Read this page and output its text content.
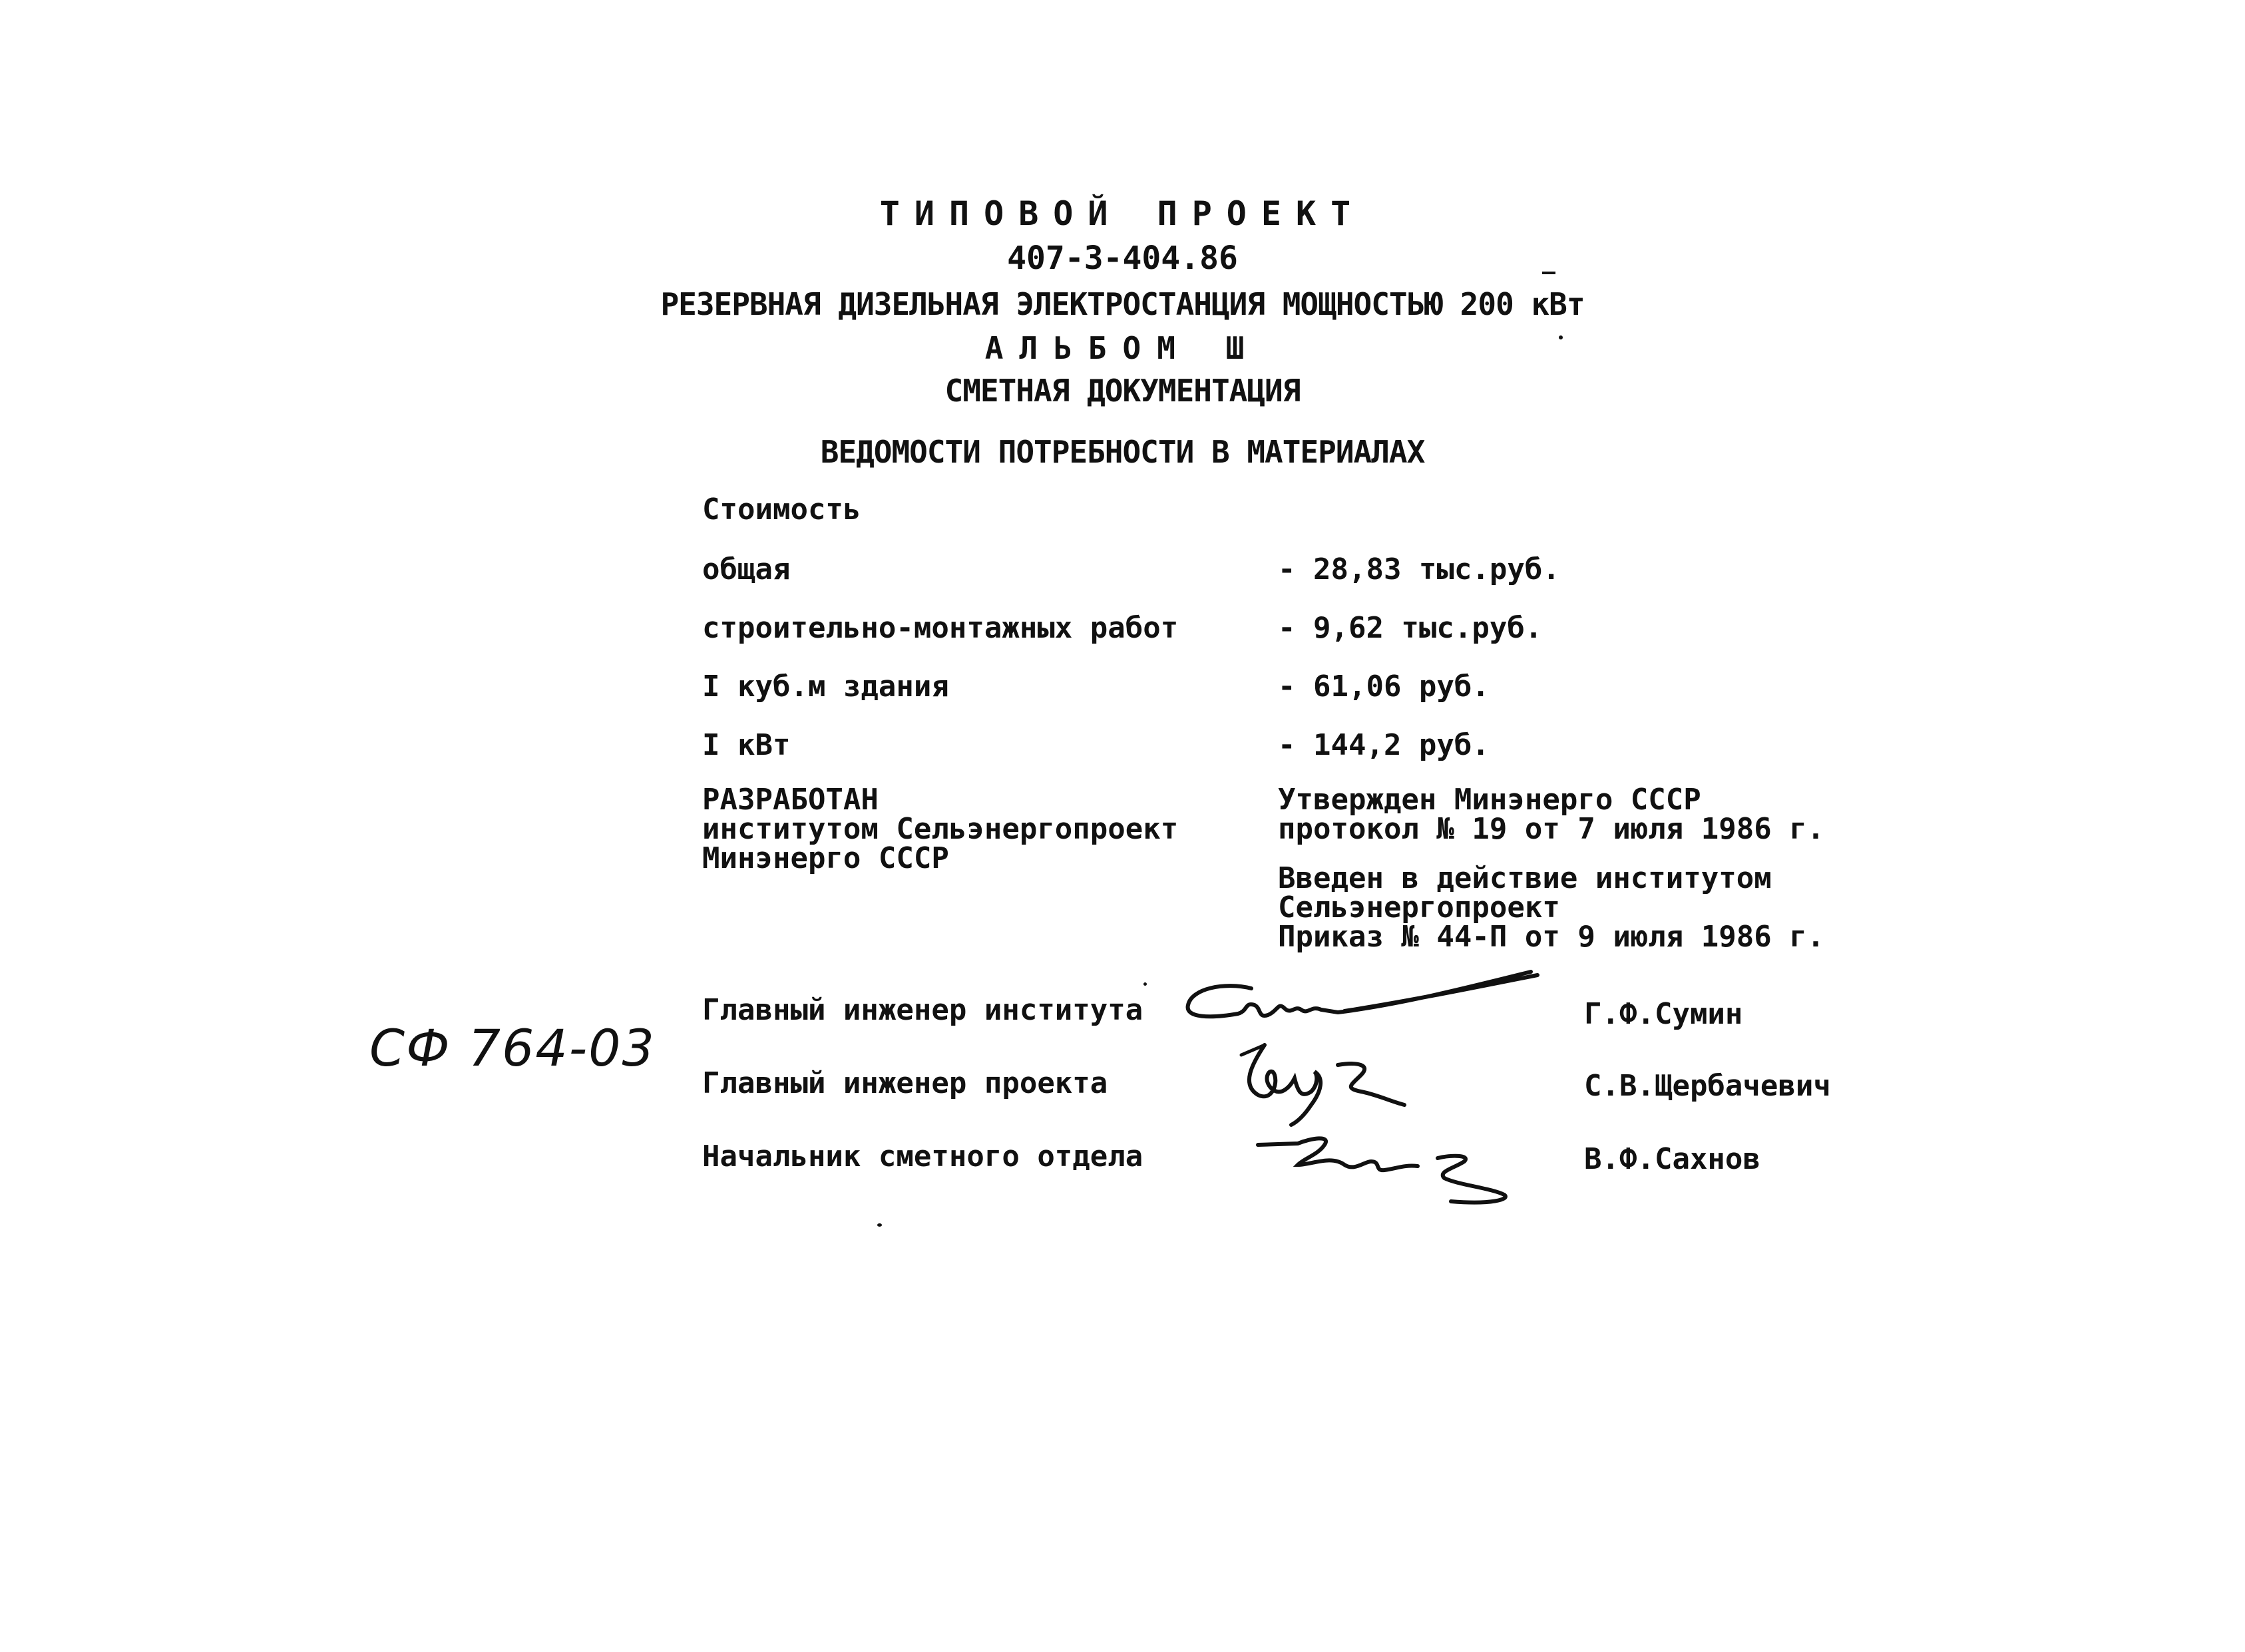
ТИПОВОЙ ПРОЕКТ
407-3-404.86
РЕЗЕРВНАЯ ДИЗЕЛЬНАЯ ЭЛЕКТРОСТАНЦИЯ МОЩНОСТЬЮ 200 кВт
АЛЬБОМ Ш
СМЕТНАЯ ДОКУМЕНТАЦИЯ
ВЕДОМОСТИ ПОТРЕБНОСТИ В МАТЕРИАЛАХ
Стоимость
общая	- 28,83 тыс.руб.
строительно-монтажных работ	- 9,62 тыс.руб.
I куб.м здания	- 61,06 руб.
I кВт	- 144,2 руб.
РАЗРАБОТАН
институтом Сельэнергопроект
Минэнерго СССР
Утвержден Минэнерго СССР
протокол № 19 от 7 июля 1986 г.
Введен в действие институтом
Сельэнергопроект
Приказ № 44-П от 9 июля 1986 г.
Главный инженер института	Г.Ф.Сумин
Главный инженер проекта	С.В.Щербачевич
Начальник сметного отдела	В.Ф.Сахнов
СФ 764-03
